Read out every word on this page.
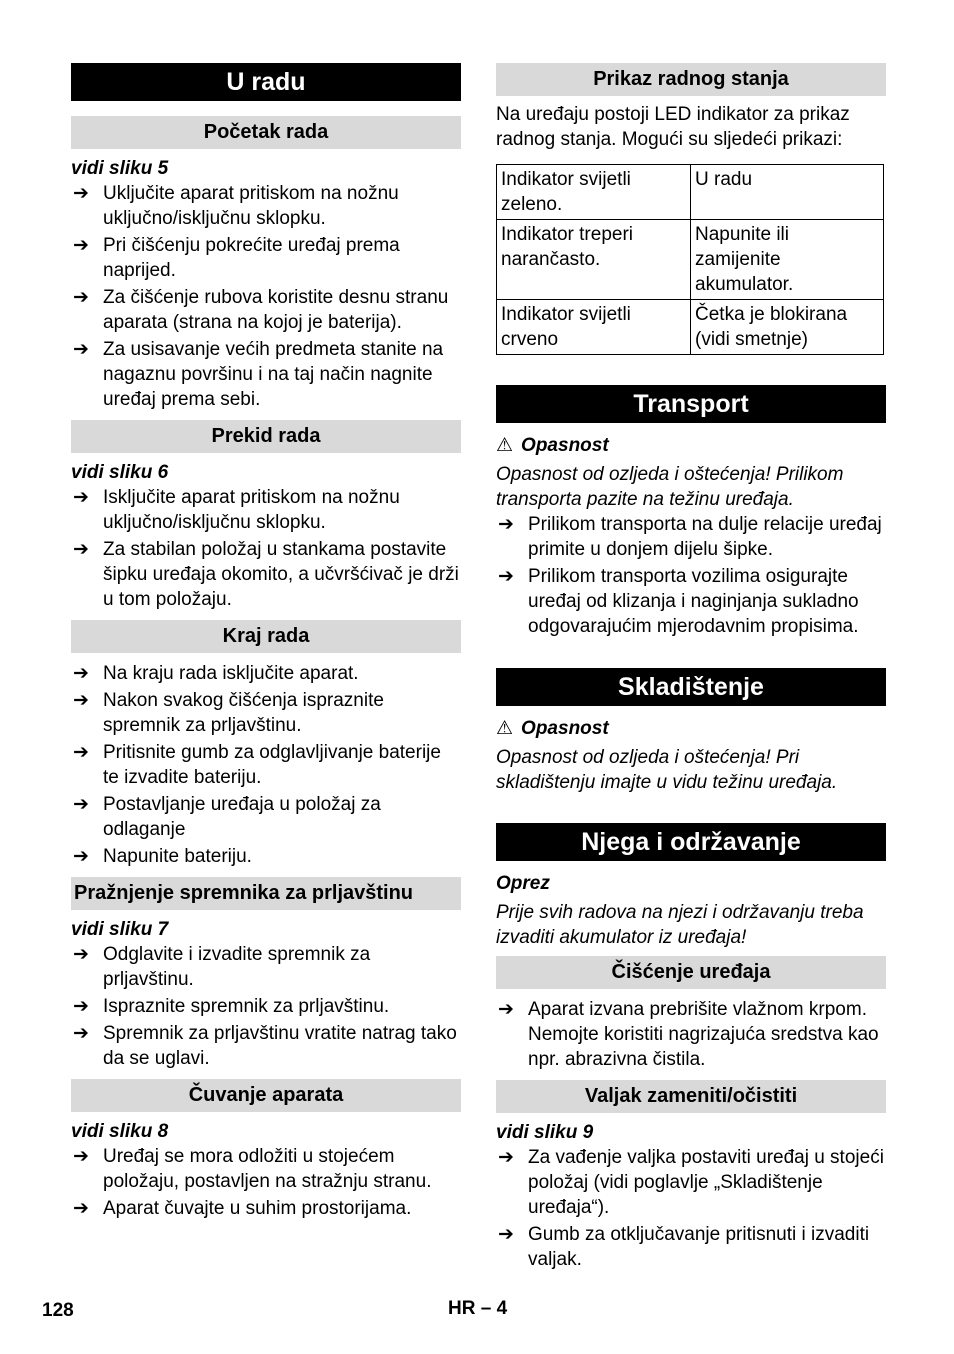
U radu
Početak rada

vidi sliku 5

➔ Uključite aparat pritiskom na nožnu uključno/isključnu sklopku.
➔ Pri čišćenju pokrećite uređaj prema naprijed.
➔ Za čišćenje rubova koristite desnu stranu aparata (strana na kojoj je baterija).
➔ Za usisavanje većih predmeta stanite na nagaznu površinu i na taj način nagnite uređaj prema sebi.
Prekid rada

vidi sliku 6

➔ Isključite aparat pritiskom na nožnu uključno/isključnu sklopku.
➔ Za stabilan položaj u stankama postavite šipku uređaja okomito, a učvršćivač je drži u tom položaju.
Kraj rada
➔ Na kraju rada isključite aparat.
➔ Nakon svakog čišćenja ispraznite spremnik za prljavštinu.
➔ Pritisnite gumb za odglavljivanje baterije te izvadite bateriju.
➔ Postavljanje uređaja u položaj za odlaganje
➔ Napunite bateriju.
Pražnjenje spremnika za prljavštinu

vidi sliku 7

➔ Odglavite i izvadite spremnik za prljavštinu.
➔ Ispraznite spremnik za prljavštinu.
➔ Spremnik za prljavštinu vratite natrag tako da se uglavi.
Čuvanje aparata

vidi sliku 8

➔ Uređaj se mora odložiti u stojećem položaju, postavljen na stražnju stranu.
➔ Aparat čuvajte u suhim prostorijama.
Prikaz radnog stanja

Na uređaju postoji LED indikator za prikaz radnog stanja. Mogući su sljedeći prikazi:

Indikator svijetli zeleno.	U radu
Indikator treperi narančasto.	Napunite ili zamijenite akumulator.
Indikator svijetli crveno	Četka je blokirana (vidi smetnje)
Transport

⚠ Opasnost

Opasnost od ozljeda i oštećenja! Prilikom transporta pazite na težinu uređaja.

➔ Prilikom transporta na dulje relacije uređaj primite u donjem dijelu šipke.
➔ Prilikom transporta vozilima osigurajte uređaj od klizanja i naginjanja sukladno odgovarajućim mjerodavnim propisima.
Skladištenje

⚠ Opasnost

Opasnost od ozljeda i oštećenja! Pri skladištenju imajte u vidu težinu uređaja.

Njega i održavanje

Oprez

Prije svih radova na njezi i održavanju treba izvaditi akumulator iz uređaja!

Čišćenje uređaja
➔ Aparat izvana prebrišite vlažnom krpom. Nemojte koristiti nagrizajuća sredstva kao npr. abrazivna čistila.
Valjak zameniti/očistiti

vidi sliku 9

➔ Za vađenje valjka postaviti uređaj u stojeći položaj (vidi poglavlje „Skladištenje uređaja“).
➔ Gumb za otključavanje pritisnuti i izvaditi valjak.
128	HR – 4
